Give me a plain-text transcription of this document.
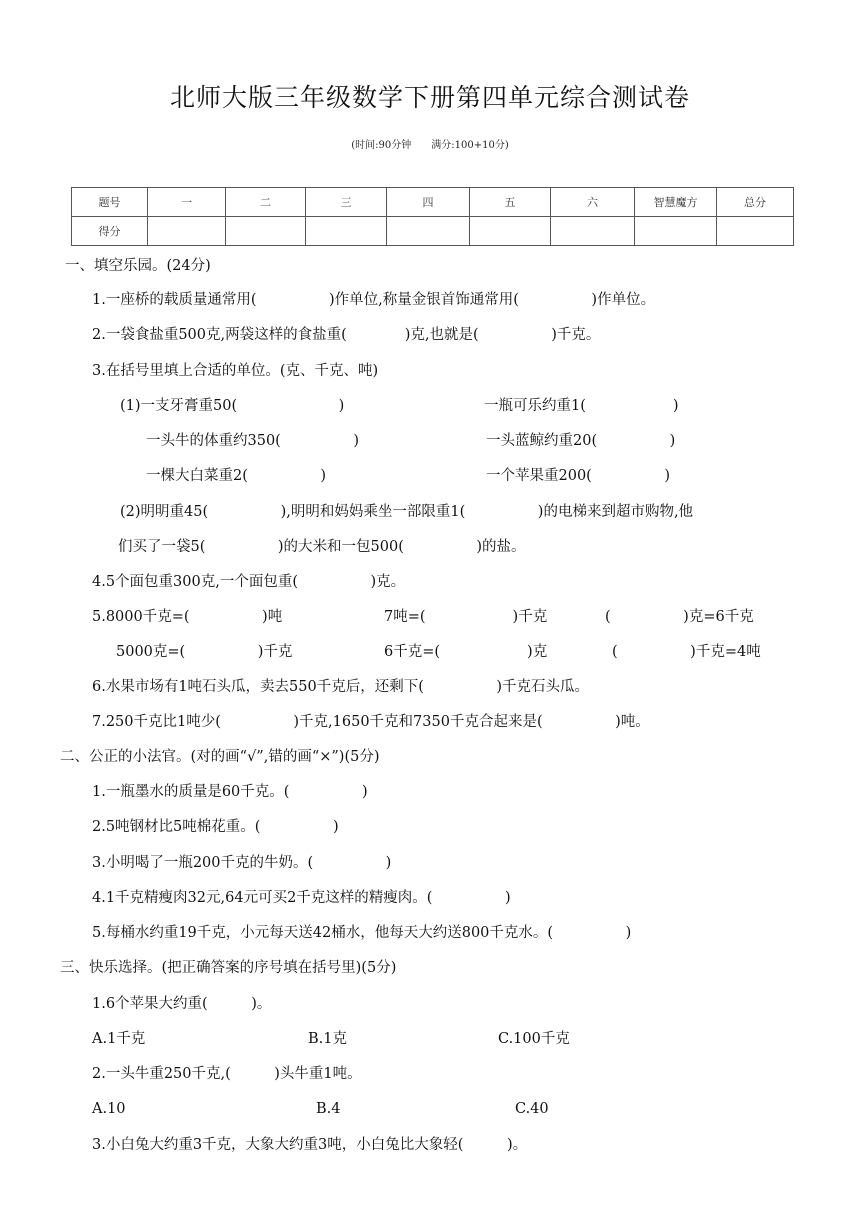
北师大版三年级数学下册第四单元综合测试卷
(时间:90分钟　　满分:100+10分)
题号	一	二	三	四	五	六	智慧魔方	总分
得分								
一、填空乐园。(24分)
1.一座桥的载质量通常用(　　　　　)作单位,称量金银首饰通常用(　　　　　)作单位。
2.一袋食盐重500克,两袋这样的食盐重(　　　　)克,也就是(　　　　　)千克。
3.在括号里填上合适的单位。(克、千克、吨)
(1)一支牙膏重50(　　　　　　　)	一瓶可乐约重1(　　　　　　)
一头牛的体重约350(　　　　　)	一头蓝鲸约重20(　　　　　)
一棵大白菜重2(　　　　　)	一个苹果重200(　　　　　)
(2)明明重45(　　　　　),明明和妈妈乘坐一部限重1(　　　　　)的电梯来到超市购物,他
们买了一袋5(　　　　　)的大米和一包500(　　　　　)的盐。
4.5个面包重300克,一个面包重(　　　　　)克。
5.8000千克=(　　　　　)吨	7吨=(　　　　　　)千克	(　　　　　)克=6千克
5000克=(　　　　　)千克	6千克=(　　　　　　)克	(　　　　　)千克=4吨
6.水果市场有1吨石头瓜，卖去550千克后，还剩下(　　　　　)千克石头瓜。
7.250千克比1吨少(　　　　　)千克,1650千克和7350千克合起来是(　　　　　)吨。
二、公正的小法官。(对的画“√”,错的画“×”)(5分)
1.一瓶墨水的质量是60千克。(　　　　　)
2.5吨钢材比5吨棉花重。(　　　　　)
3.小明喝了一瓶200千克的牛奶。(　　　　　)
4.1千克精瘦肉32元,64元可买2千克这样的精瘦肉。(　　　　　)
5.每桶水约重19千克，小元每天送42桶水，他每天大约送800千克水。(　　　　　)
三、快乐选择。(把正确答案的序号填在括号里)(5分)
1.6个苹果大约重(　　　)。
A.1千克	B.1克	C.100千克
2.一头牛重250千克,(　　　)头牛重1吨。
A.10	B.4	C.40
3.小白兔大约重3千克，大象大约重3吨，小白兔比大象轻(　　　)。
